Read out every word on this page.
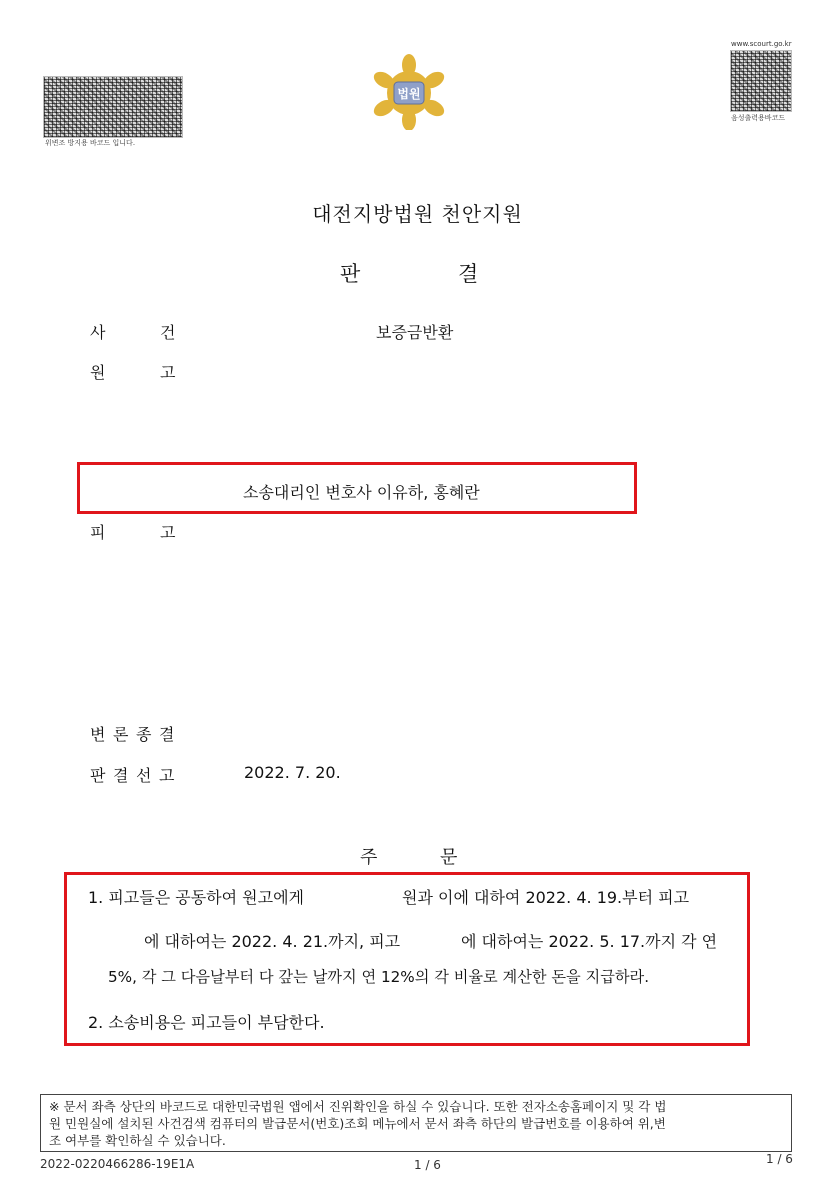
위변조 방지용 바코드 입니다.
법원
www.scourt.go.kr
음성출력용바코드
대전지방법원 천안지원
판	결
사	건	보증금반환
원	고
소송대리인 변호사 이유하, 홍혜란
피	고
변 론 종 결
판 결 선 고	2022. 7. 20.
주	문
1. 피고들은 공동하여 원고에게	원과 이에 대하여 2022. 4. 19.부터 피고
에 대하여는 2022. 4. 21.까지, 피고	에 대하여는 2022. 5. 17.까지 각 연
5%, 각 그 다음날부터 다 갚는 날까지 연 12%의 각 비율로 계산한 돈을 지급하라.
2. 소송비용은 피고들이 부담한다.
※ 문서 좌측 상단의 바코드로 대한민국법원 앱에서 진위확인을 하실 수 있습니다. 또한 전자소송홈페이지 및 각 법
원 민원실에 설치된 사건검색 컴퓨터의 발급문서(번호)조회 메뉴에서 문서 좌측 하단의 발급번호를 이용하여 위,변
조 여부를 확인하실 수 있습니다.
2022-0220466286-19E1A	1 / 6	1 / 6
